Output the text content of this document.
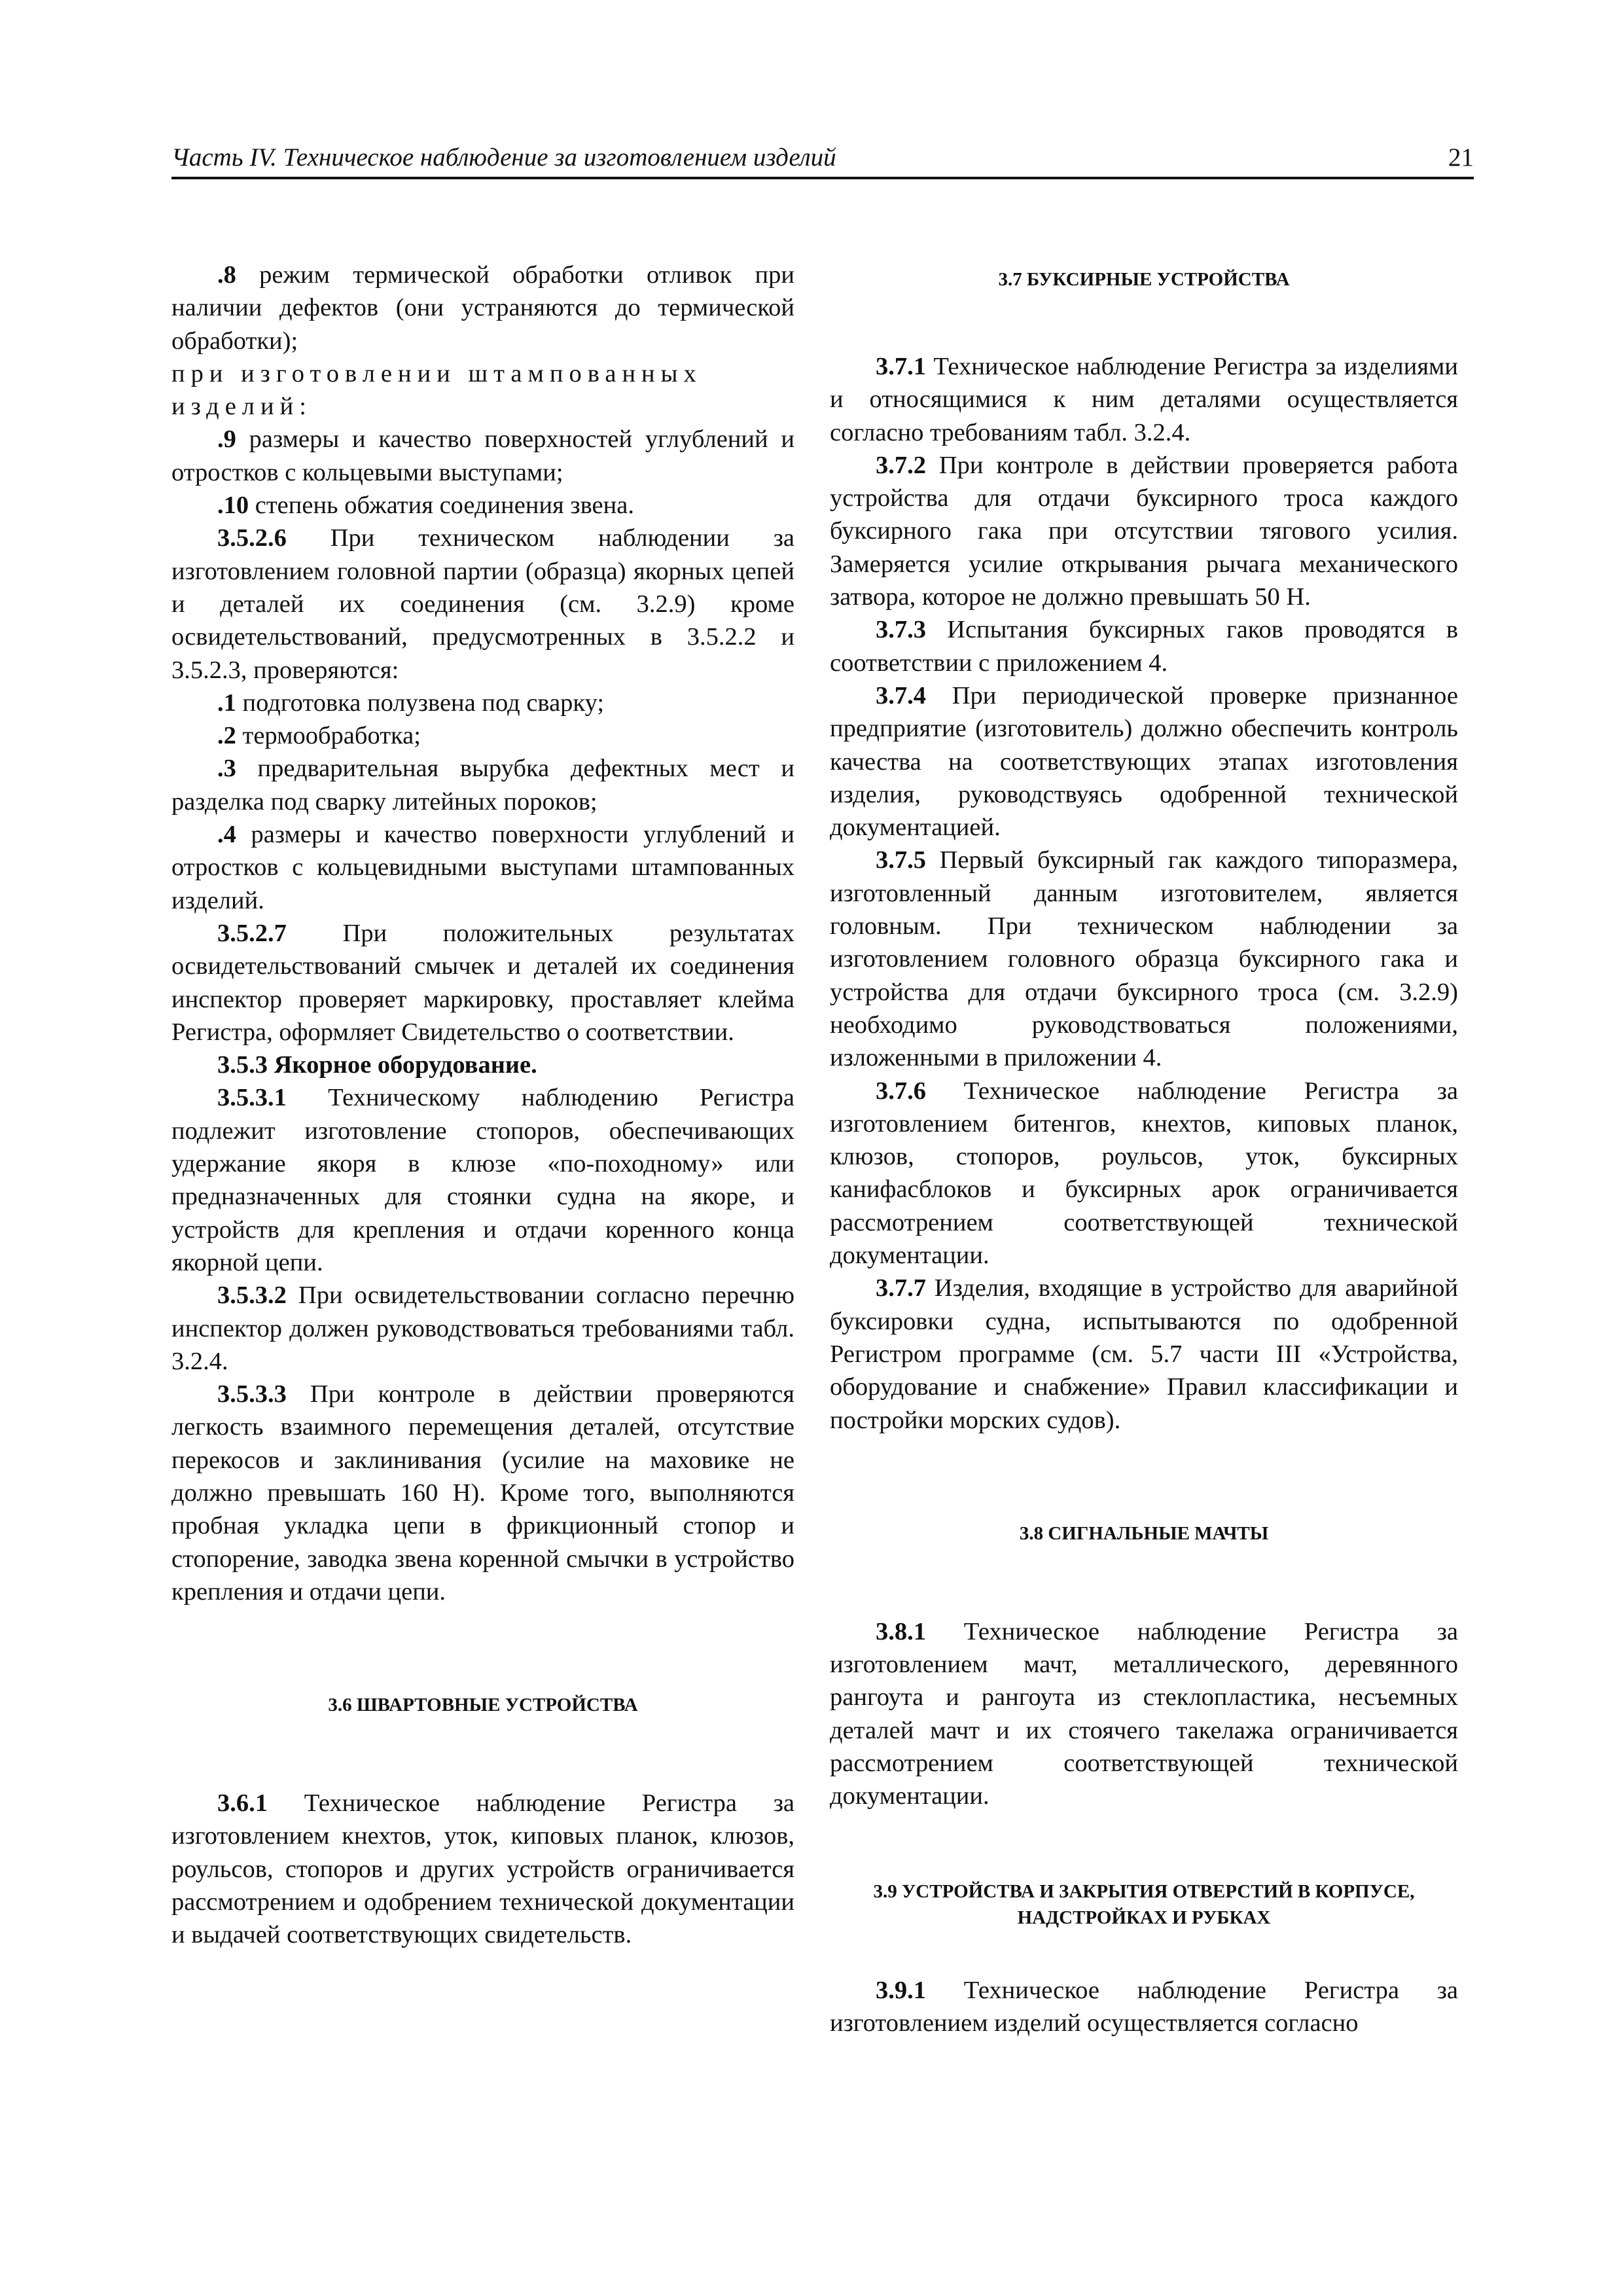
Часть IV. Техническое наблюдение за изготовлением изделий	21

.8 режим термической обработки отливок при наличии дефектов (они устраняются до термической обработки);

при изготовлении штампованных изделий:

.9 размеры и качество поверхностей углублений и отростков с кольцевыми выступами;

.10 степень обжатия соединения звена.

3.5.2.6 При техническом наблюдении за изготовлением головной партии (образца) якорных цепей и деталей их соединения (см. 3.2.9) кроме освидетельствований, предусмотренных в 3.5.2.2 и 3.5.2.3, проверяются:

.1 подготовка полузвена под сварку;

.2 термообработка;

.3 предварительная вырубка дефектных мест и разделка под сварку литейных пороков;

.4 размеры и качество поверхности углублений и отростков с кольцевидными выступами штампованных изделий.

3.5.2.7 При положительных результатах освидетельствований смычек и деталей их соединения инспектор проверяет маркировку, проставляет клейма Регистра, оформляет Свидетельство о соответствии.

3.5.3 Якорное оборудование.

3.5.3.1 Техническому наблюдению Регистра подлежит изготовление стопоров, обеспечивающих удержание якоря в клюзе «по-походному» или предназначенных для стоянки судна на якоре, и устройств для крепления и отдачи коренного конца якорной цепи.

3.5.3.2 При освидетельствовании согласно перечню инспектор должен руководствоваться требованиями табл. 3.2.4.

3.5.3.3 При контроле в действии проверяются легкость взаимного перемещения деталей, отсутствие перекосов и заклинивания (усилие на маховике не должно превышать 160 Н). Кроме того, выполняются пробная укладка цепи в фрикционный стопор и стопорение, заводка звена коренной смычки в устройство крепления и отдачи цепи.

3.6 ШВАРТОВНЫЕ УСТРОЙСТВА

3.6.1 Техническое наблюдение Регистра за изготовлением кнехтов, уток, киповых планок, клюзов, роульсов, стопоров и других устройств ограничивается рассмотрением и одобрением технической документации и выдачей соответствующих свидетельств.

3.7 БУКСИРНЫЕ УСТРОЙСТВА

3.7.1 Техническое наблюдение Регистра за изделиями и относящимися к ним деталями осуществляется согласно требованиям табл. 3.2.4.

3.7.2 При контроле в действии проверяется работа устройства для отдачи буксирного троса каждого буксирного гака при отсутствии тягового усилия. Замеряется усилие открывания рычага механического затвора, которое не должно превышать 50 Н.

3.7.3 Испытания буксирных гаков проводятся в соответствии с приложением 4.

3.7.4 При периодической проверке признанное предприятие (изготовитель) должно обеспечить контроль качества на соответствующих этапах изготовления изделия, руководствуясь одобренной технической документацией.

3.7.5 Первый буксирный гак каждого типоразмера, изготовленный данным изготовителем, является головным. При техническом наблюдении за изготовлением головного образца буксирного гака и устройства для отдачи буксирного троса (см. 3.2.9) необходимо руководствоваться положениями, изложенными в приложении 4.

3.7.6 Техническое наблюдение Регистра за изготовлением битенгов, кнехтов, киповых планок, клюзов, стопоров, роульсов, уток, буксирных канифасблоков и буксирных арок ограничивается рассмотрением соответствующей технической документации.

3.7.7 Изделия, входящие в устройство для аварийной буксировки судна, испытываются по одобренной Регистром программе (см. 5.7 части III «Устройства, оборудование и снабжение» Правил классификации и постройки морских судов).

3.8 СИГНАЛЬНЫЕ МАЧТЫ

3.8.1 Техническое наблюдение Регистра за изготовлением мачт, металлического, деревянного рангоута и рангоута из стеклопластика, несъемных деталей мачт и их стоячего такелажа ограничивается рассмотрением соответствующей технической документации.

3.9 УСТРОЙСТВА И ЗАКРЫТИЯ ОТВЕРСТИЙ В КОРПУСЕ,
НАДСТРОЙКАХ И РУБКАХ

3.9.1 Техническое наблюдение Регистра за изготовлением изделий осуществляется согласно
